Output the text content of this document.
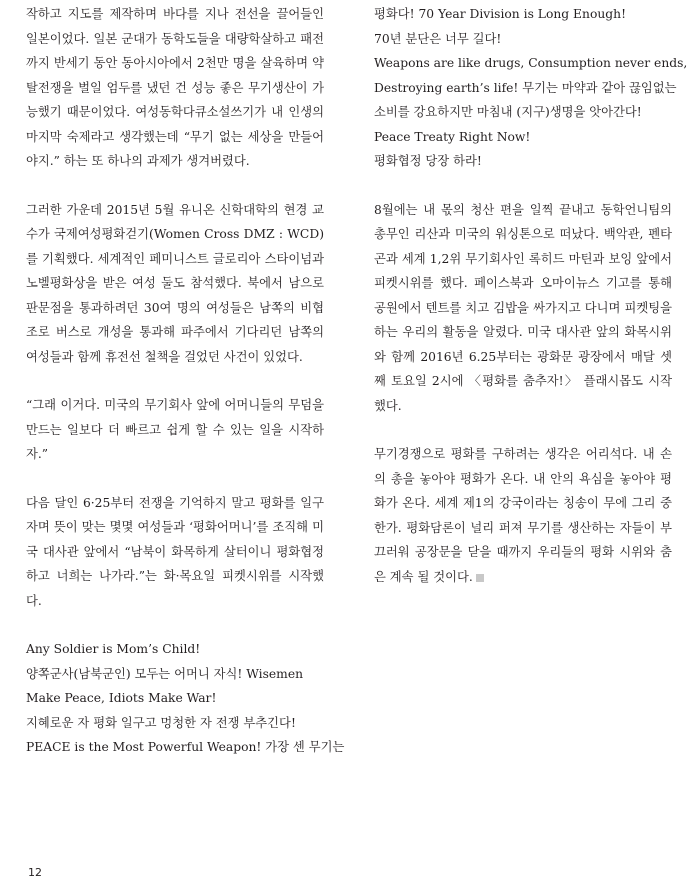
작하고 지도를 제작하며 바다를 지나 전선을 끌어들인 일본이었다. 일본 군대가 동학도들을 대량학살하고 패전까지 반세기 동안 동아시아에서 2천만 명을 살육하며 약탈전쟁을 벌일 엄두를 냈던 건 성능 좋은 무기생산이 가능했기 때문이었다. 여성동학다큐소설쓰기가 내 인생의 마지막 숙제라고 생각했는데 “무기 없는 세상을 만들어야지.” 하는 또 하나의 과제가 생겨버렸다.

그러한 가운데 2015년 5월 유니온 신학대학의 현경 교수가 국제여성평화걷기(Women Cross DMZ : WCD)를 기획했다. 세계적인 페미니스트 글로리아 스타이넘과 노벨평화상을 받은 여성 둘도 참석했다. 북에서 남으로 판문점을 통과하려던 30여 명의 여성들은 남쪽의 비협조로 버스로 개성을 통과해 파주에서 기다리던 남쪽의 여성들과 함께 휴전선 철책을 걸었던 사건이 있었다.

“그래 이거다. 미국의 무기회사 앞에 어머니들의 무덤을 만드는 일보다 더 빠르고 쉽게 할 수 있는 일을 시작하자.”

다음 달인 6·25부터 전쟁을 기억하지 말고 평화를 일구자며 뜻이 맞는 몇몇 여성들과 ‘평화어머니’를 조직해 미국 대사관 앞에서 “남북이 화목하게 살터이니 평화협정하고 너희는 나가라.”는 화·목요일 피켓시위를 시작했다.

Any Soldier is Mom’s Child!

양쪽군사(남북군인) 모두는 어머니 자식! Wisemen

Make Peace, Idiots Make War!

지혜로운 자 평화 일구고 멍청한 자 전쟁 부추긴다!

PEACE is the Most Powerful Weapon! 가장 센 무기는

평화다! 70 Year Division is Long Enough!

70년 분단은 너무 길다!

Weapons are like drugs, Consumption never ends,

Destroying earth’s life! 무기는 마약과 같아 끊임없는

소비를 강요하지만 마침내 (지구)생명을 앗아간다!

Peace Treaty Right Now!

평화협정 당장 하라!

8월에는 내 몫의 청산 편을 일찍 끝내고 동학언니팀의 총무인 리산과 미국의 워싱톤으로 떠났다. 백악관, 펜타곤과 세계 1,2위 무기회사인 록히드 마틴과 보잉 앞에서 피켓시위를 했다. 페이스북과 오마이뉴스 기고를 통해 공원에서 텐트를 치고 김밥을 싸가지고 다니며 피켓팅을 하는 우리의 활동을 알렸다. 미국 대사관 앞의 화목시위와 함께 2016년 6.25부터는 광화문 광장에서 매달 셋째 토요일 2시에 〈평화를 춤추자!〉 플래시몹도 시작했다.

무기경쟁으로 평화를 구하려는 생각은 어리석다. 내 손의 총을 놓아야 평화가 온다. 내 안의 욕심을 놓아야 평화가 온다. 세계 제1의 강국이라는 칭송이 무에 그리 중한가. 평화담론이 널리 퍼져 무기를 생산하는 자들이 부끄러워 공장문을 닫을 때까지 우리들의 평화 시위와 춤은 계속 될 것이다.

12
